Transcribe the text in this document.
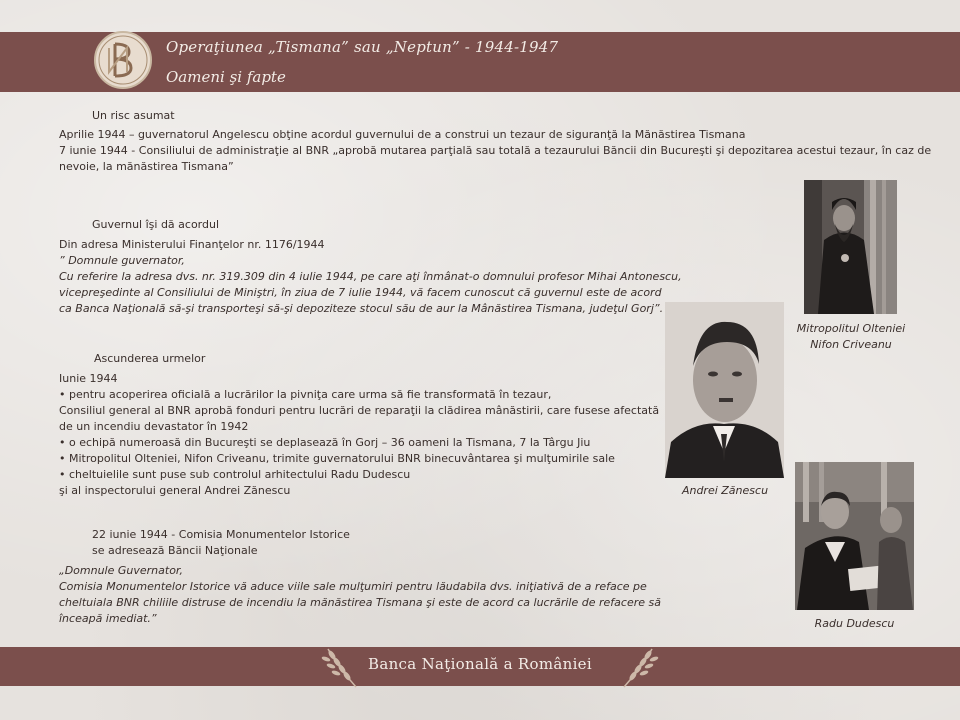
Operaţiunea „Tismana” sau „Neptun” - 1944-1947
Oameni şi fapte
Un risc asumat
Aprilie 1944 – guvernatorul Angelescu obţine acordul guvernului de a construi un tezaur de siguranţă la Mănăstirea Tismana
7 iunie 1944 - Consiliului de administraţie al BNR „aprobă mutarea parţială sau totală a tezaurului Băncii din Bucureşti şi depozitarea acestui tezaur, în caz de
nevoie, la mănăstirea Tismana”
Guvernul îşi dă acordul
Din adresa Ministerului Finanţelor nr. 1176/1944
” Domnule guvernator,
Cu referire la adresa dvs. nr. 319.309 din 4 iulie 1944, pe care aţi înmânat-o domnului profesor Mihai Antonescu,
vicepreşedinte al Consiliului de Miniştri, în ziua de 7 iulie 1944, vă facem cunoscut că guvernul este de acord
ca Banca Naţională să-şi transporteşi să-şi depoziteze stocul său de aur la Mânăstirea Tismana, judeţul Gorj”.
Ascunderea urmelor
Iunie 1944
• pentru acoperirea oficială a lucrărilor la pivniţa care urma să fie transformată în tezaur,
Consiliul general al BNR aprobă fonduri pentru lucrări de reparaţii la clădirea mânăstirii, care fusese afectată
de un incendiu devastator în 1942
• o echipă numeroasă din Bucureşti se deplasează în Gorj – 36 oameni la Tismana, 7 la Târgu Jiu
• Mitropolitul Olteniei, Nifon Criveanu, trimite guvernatorului BNR binecuvântarea şi mulţumirile sale
• cheltuielile sunt puse sub controlul arhitectului Radu Dudescu
şi al inspectorului general Andrei Zănescu
22 iunie 1944 - Comisia Monumentelor Istorice
se adresează Băncii Naţionale
„Domnule Guvernator,
Comisia Monumentelor Istorice vă aduce viile sale mulţumiri pentru lăudabila dvs. iniţiativă de a reface pe
cheltuiala BNR chiliile distruse de incendiu la mănăstirea Tismana şi este de acord ca lucrările de refacere să
înceapă imediat.”
Mitropolitul Olteniei
Nifon Criveanu
Andrei Zănescu
Radu Dudescu
Banca Naţională a României
